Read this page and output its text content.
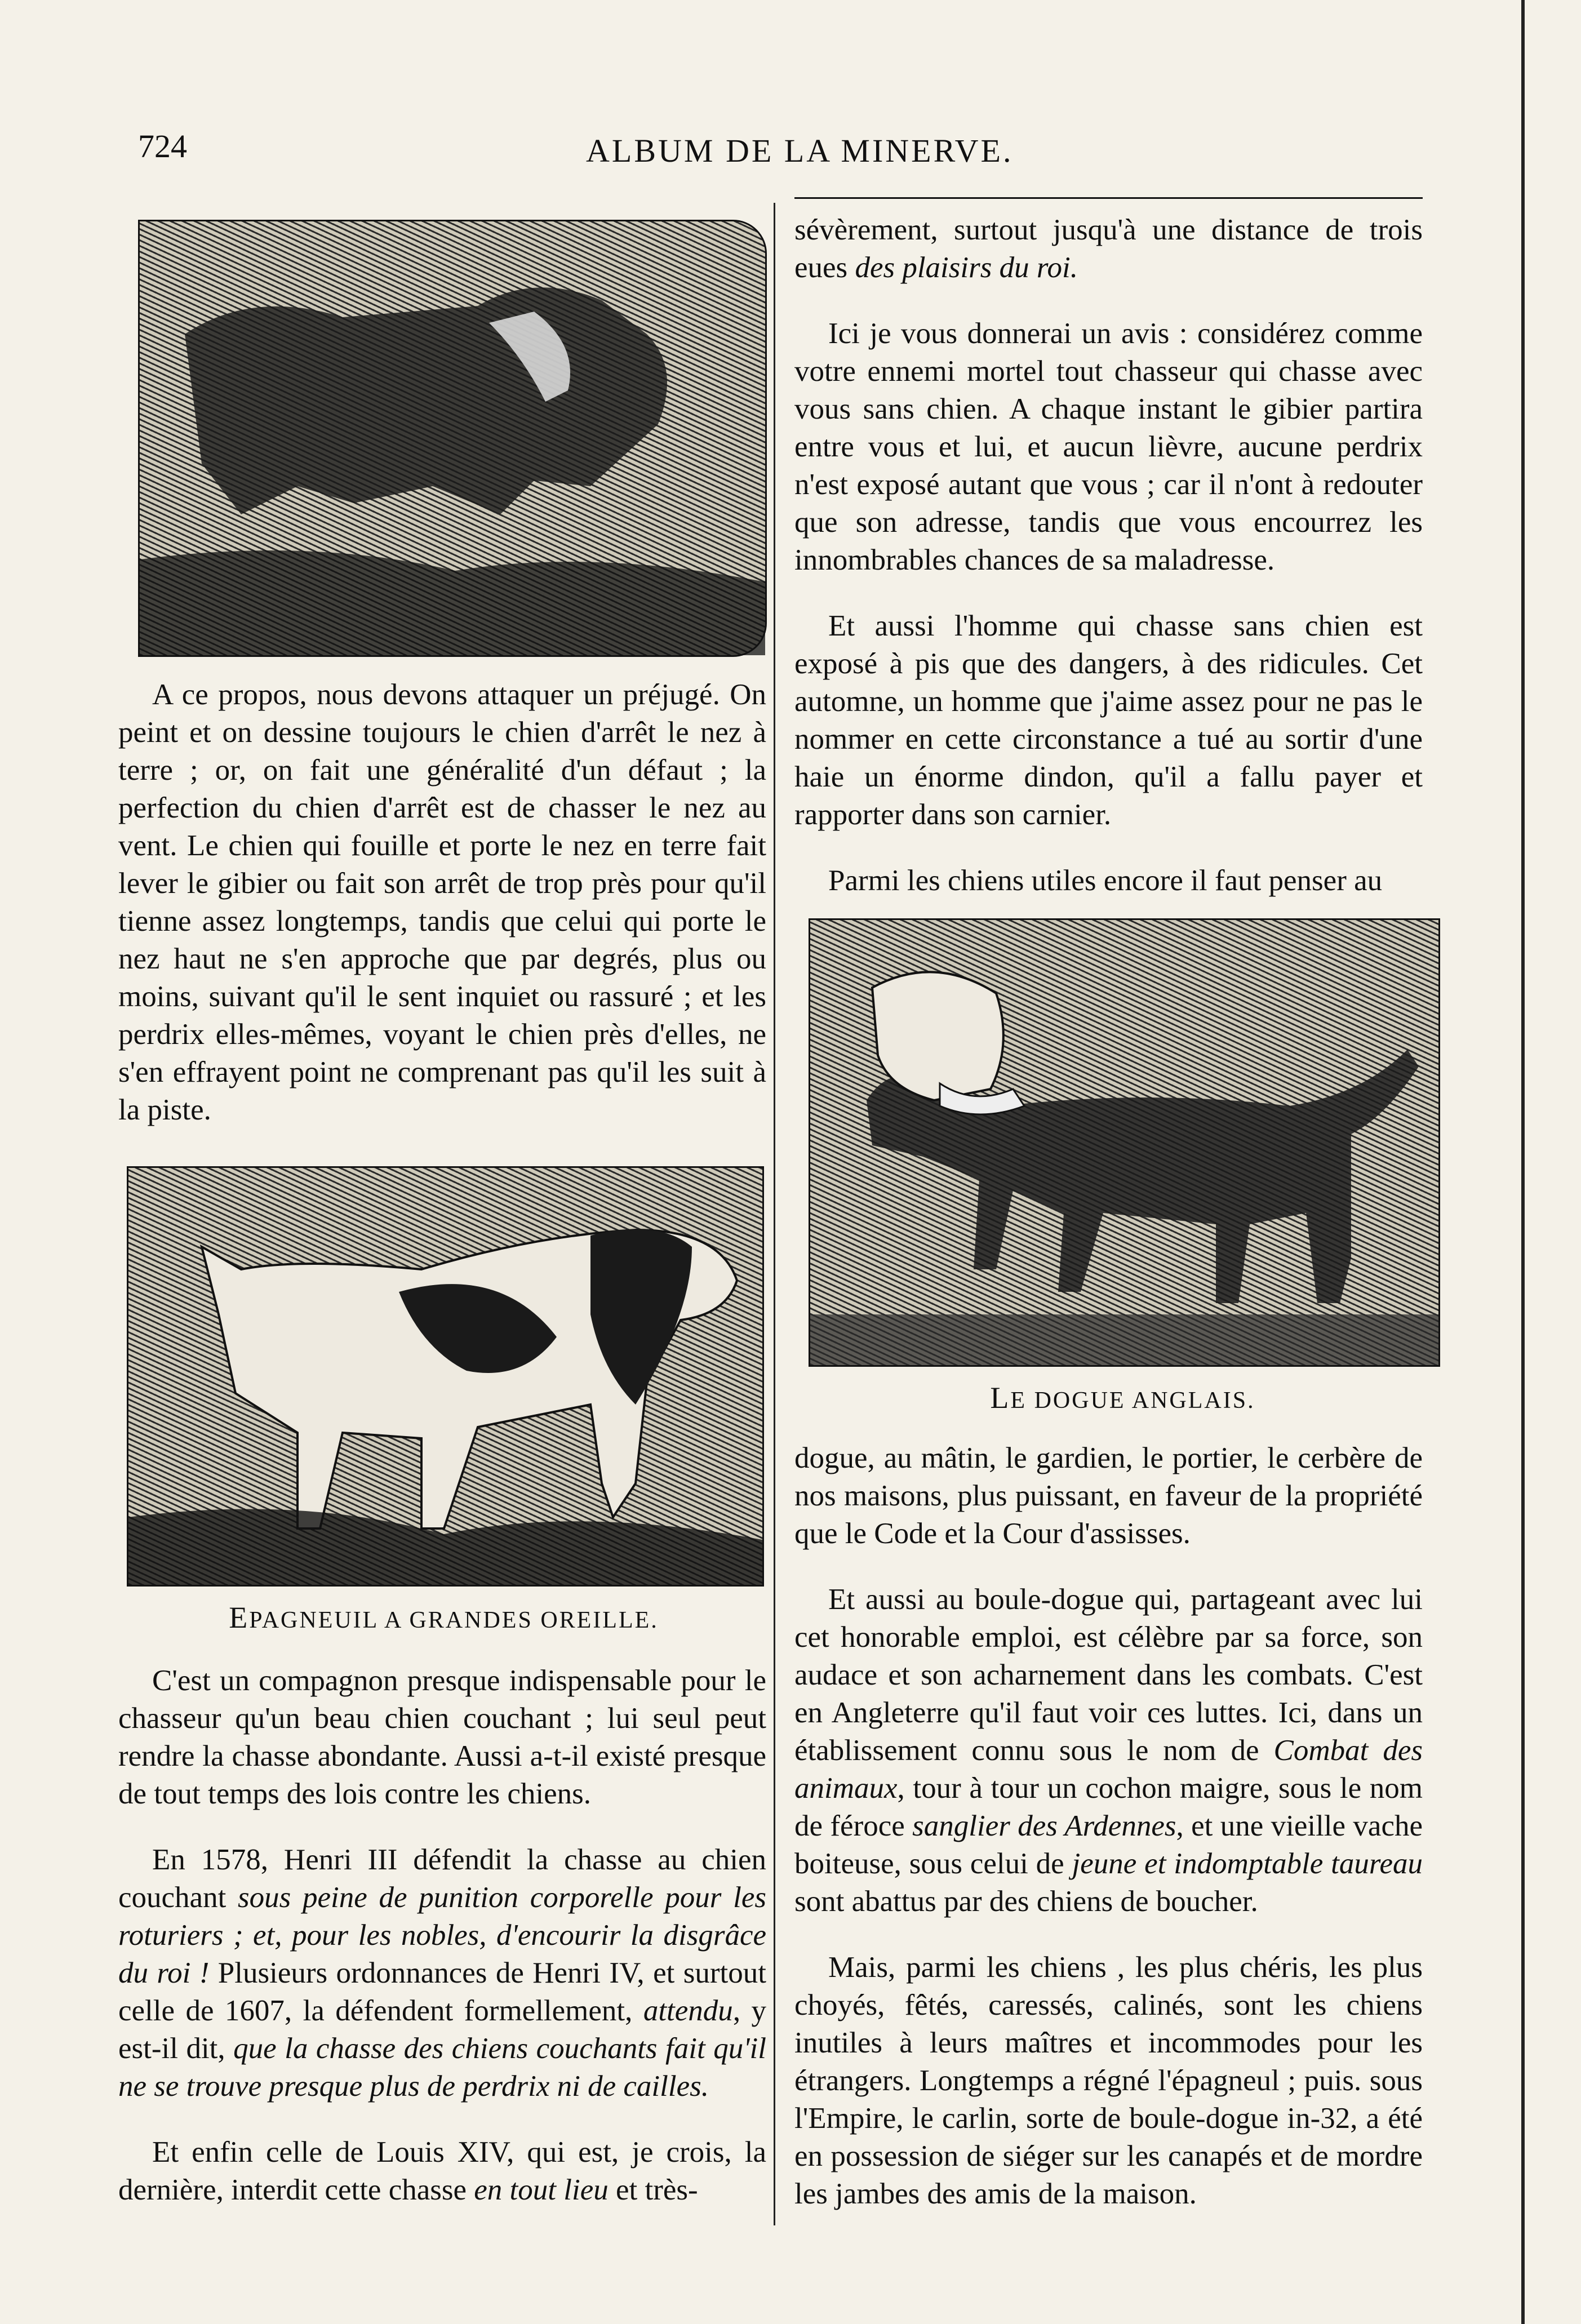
724	ALBUM DE LA MINERVE.

A ce propos, nous devons attaquer un préjugé. On peint et on dessine toujours le chien d'arrêt le nez à terre ; or, on fait une généralité d'un défaut ; la perfection du chien d'arrêt est de chasser le nez au vent. Le chien qui fouille et porte le nez en terre fait lever le gibier ou fait son arrêt de trop près pour qu'il tienne assez longtemps, tandis que celui qui porte le nez haut ne s'en approche que par degrés, plus ou moins, suivant qu'il le sent inquiet ou rassuré ; et les perdrix elles-mêmes, voyant le chien près d'elles, ne s'en effrayent point ne comprenant pas qu'il les suit à la piste.

EPAGNEUIL A GRANDES OREILLE.

C'est un compagnon presque indispensable pour le chasseur qu'un beau chien couchant ; lui seul peut rendre la chasse abondante. Aussi a-t-il existé presque de tout temps des lois contre les chiens.

En 1578, Henri III défendit la chasse au chien couchant sous peine de punition corporelle pour les roturiers ; et, pour les nobles, d'encourir la disgrâce du roi ! Plusieurs ordonnances de Henri IV, et surtout celle de 1607, la défendent formellement, attendu, y est-il dit, que la chasse des chiens couchants fait qu'il ne se trouve presque plus de perdrix ni de cailles.

Et enfin celle de Louis XIV, qui est, je crois, la dernière, interdit cette chasse en tout lieu et très-

sévèrement, surtout jusqu'à une distance de trois eues des plaisirs du roi.

Ici je vous donnerai un avis : considérez comme votre ennemi mortel tout chasseur qui chasse avec vous sans chien. A chaque instant le gibier partira entre vous et lui, et aucun lièvre, aucune perdrix n'est exposé autant que vous ; car il n'ont à redouter que son adresse, tandis que vous encourrez les innombrables chances de sa maladresse.

Et aussi l'homme qui chasse sans chien est exposé à pis que des dangers, à des ridicules. Cet automne, un homme que j'aime assez pour ne pas le nommer en cette circonstance a tué au sortir d'une haie un énorme dindon, qu'il a fallu payer et rapporter dans son carnier.

Parmi les chiens utiles encore il faut penser au

LE DOGUE ANGLAIS.

dogue, au mâtin, le gardien, le portier, le cerbère de nos maisons, plus puissant, en faveur de la propriété que le Code et la Cour d'assisses.

Et aussi au boule-dogue qui, partageant avec lui cet honorable emploi, est célèbre par sa force, son audace et son acharnement dans les combats. C'est en Angleterre qu'il faut voir ces luttes. Ici, dans un établissement connu sous le nom de Combat des animaux, tour à tour un cochon maigre, sous le nom de féroce sanglier des Ardennes, et une vieille vache boiteuse, sous celui de jeune et indomptable taureau sont abattus par des chiens de boucher.

Mais, parmi les chiens , les plus chéris, les plus choyés, fêtés, caressés, calinés, sont les chiens inutiles à leurs maîtres et incommodes pour les étrangers. Longtemps a régné l'épagneul ; puis. sous l'Empire, le carlin, sorte de boule-dogue in-32, a été en possession de siéger sur les canapés et de mordre les jambes des amis de la maison.
